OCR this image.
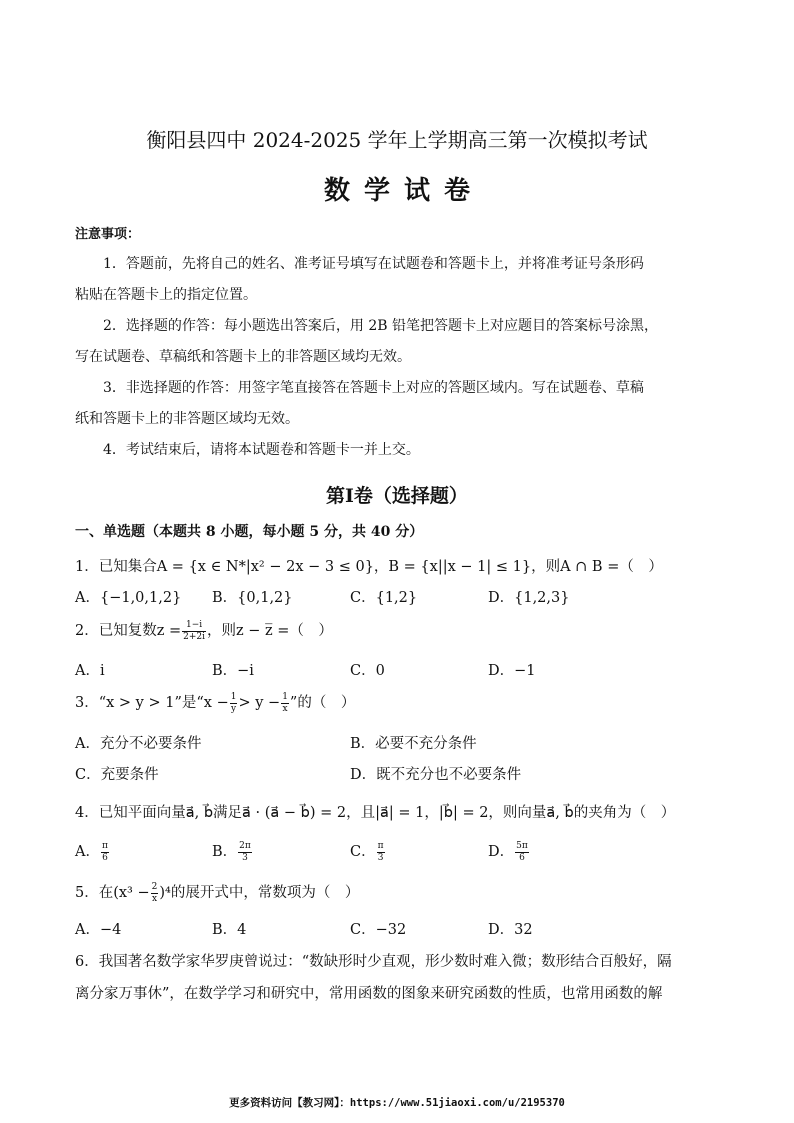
衡阳县四中 2024-2025 学年上学期高三第一次模拟考试
数学试卷
注意事项：
1．答题前，先将自己的姓名、准考证号填写在试题卷和答题卡上，并将准考证号条形码
粘贴在答题卡上的指定位置。
2．选择题的作答：每小题选出答案后，用 2B 铅笔把答题卡上对应题目的答案标号涂黑，
写在试题卷、草稿纸和答题卡上的非答题区域均无效。
3．非选择题的作答：用签字笔直接答在答题卡上对应的答题区域内。写在试题卷、草稿
纸和答题卡上的非答题区域均无效。
4．考试结束后，请将本试题卷和答题卡一并上交。
第Ⅰ卷（选择题）
一、单选题（本题共 8 小题，每小题 5 分，共 40 分）
1．已知集合A = {x ∈ N*|x² − 2x − 3 ≤ 0}，B = {x||x − 1| ≤ 1}，则A ∩ B =（　）
A．{−1,0,1,2} B．{0,1,2}	C．{1,2}	D．{1,2,3}
2．已知复数$z = \frac{1-i}{2+2i}$ ，则z − z̅ =（　）
A．i	B．−i	C．0	D．−1
3．“x > y > 1”是“$x - \frac{1}{y} > y - \frac{1}{x}$ ”的（　）
A．充分不必要条件	B．必要不充分条件
C．充要条件	D．既不充分也不必要条件
4．已知平面向量a⃗, b⃗满足a⃗ · (a⃗ − b⃗) = 2，且|a⃗| = 1，|b⃗| = 2，则向量a⃗, b⃗的夹角为（　）
A． $\frac{\pi}{6}$	B． $\frac{2\pi}{3}$	C． $\frac{\pi}{3}$	D． $\frac{5\pi}{6}$
5．在$(x^3 - \frac{2}{x} )^4$的展开式中，常数项为（　）
A．−4	B．4	C．−32	D．32
6．我国著名数学家华罗庚曾说过：“数缺形时少直观，形少数时难入微；数形结合百般好，隔
离分家万事休”，在数学学习和研究中，常用函数的图象来研究函数的性质，也常用函数的解
更多资料访问【教习网】：https://www.51jiaoxi.com/u/2195370
